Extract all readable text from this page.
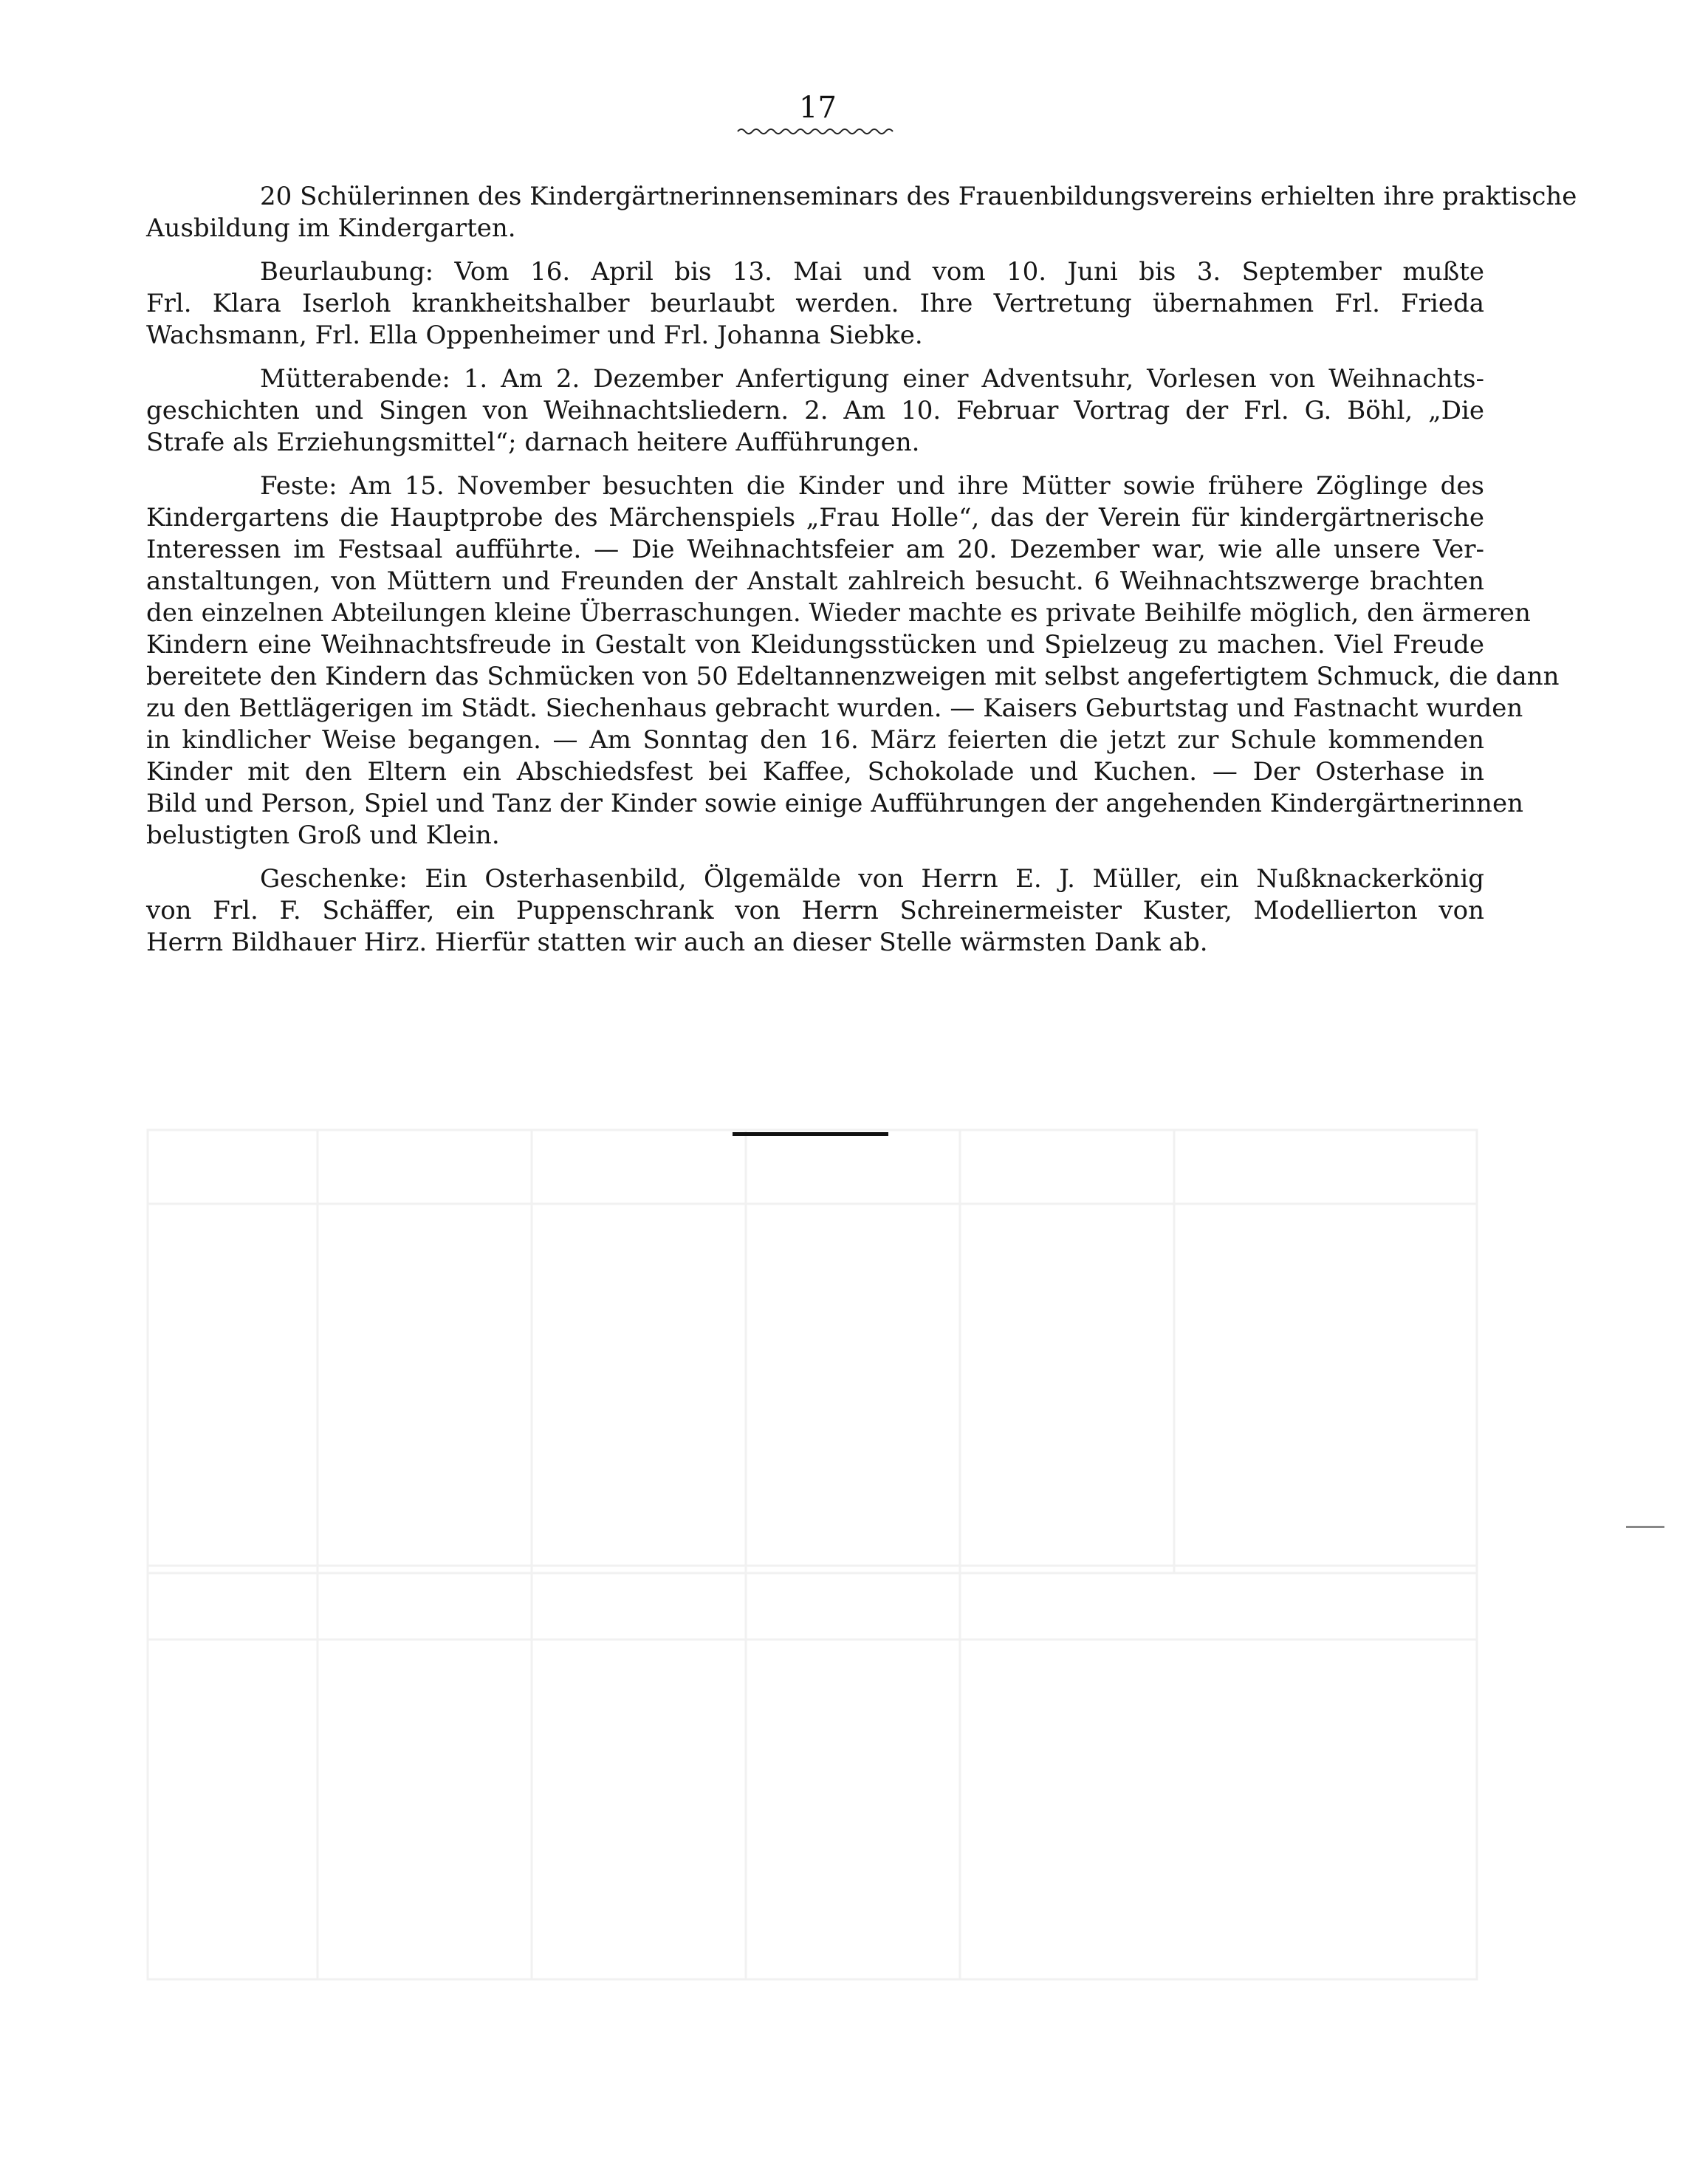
17
20 Schülerinnen des Kindergärtnerinnenseminars des Frauenbildungsvereins erhielten ihre praktische
Ausbildung im Kindergarten.
Beurlaubung: Vom 16. April bis 13. Mai und vom 10. Juni bis 3. September mußte
Frl. Klara Iserloh krankheitshalber beurlaubt werden. Ihre Vertretung übernahmen Frl. Frieda
Wachsmann, Frl. Ella Oppenheimer und Frl. Johanna Siebke.
Mütterabende: 1. Am 2. Dezember Anfertigung einer Adventsuhr, Vorlesen von Weihnachts-
geschichten und Singen von Weihnachtsliedern. 2. Am 10. Februar Vortrag der Frl. G. Böhl, „Die
Strafe als Erziehungsmittel“; darnach heitere Aufführungen.
Feste: Am 15. November besuchten die Kinder und ihre Mütter sowie frühere Zöglinge des
Kindergartens die Hauptprobe des Märchenspiels „Frau Holle“, das der Verein für kindergärtnerische
Interessen im Festsaal aufführte. — Die Weihnachtsfeier am 20. Dezember war, wie alle unsere Ver-
anstaltungen, von Müttern und Freunden der Anstalt zahlreich besucht. 6 Weihnachtszwerge brachten
den einzelnen Abteilungen kleine Überraschungen. Wieder machte es private Beihilfe möglich, den ärmeren
Kindern eine Weihnachtsfreude in Gestalt von Kleidungsstücken und Spielzeug zu machen. Viel Freude
bereitete den Kindern das Schmücken von 50 Edeltannenzweigen mit selbst angefertigtem Schmuck, die dann
zu den Bettlägerigen im Städt. Siechenhaus gebracht wurden. — Kaisers Geburtstag und Fastnacht wurden
in kindlicher Weise begangen. — Am Sonntag den 16. März feierten die jetzt zur Schule kommenden
Kinder mit den Eltern ein Abschiedsfest bei Kaffee, Schokolade und Kuchen. — Der Osterhase in
Bild und Person, Spiel und Tanz der Kinder sowie einige Aufführungen der angehenden Kindergärtnerinnen
belustigten Groß und Klein.
Geschenke: Ein Osterhasenbild, Ölgemälde von Herrn E. J. Müller, ein Nußknackerkönig
von Frl. F. Schäffer, ein Puppenschrank von Herrn Schreinermeister Kuster, Modellierton von
Herrn Bildhauer Hirz. Hierfür statten wir auch an dieser Stelle wärmsten Dank ab.
